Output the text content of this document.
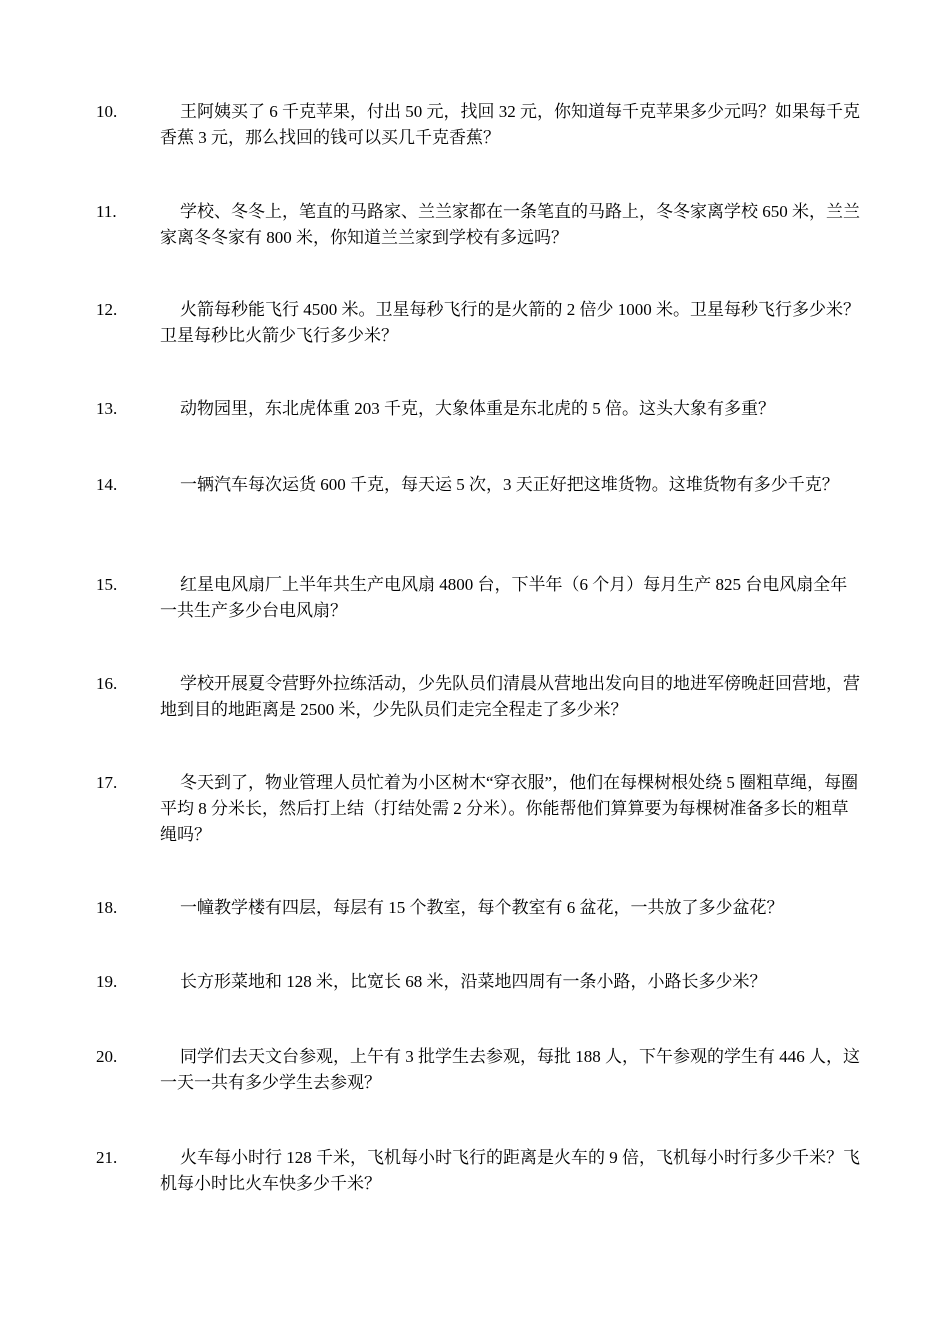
10.	王阿姨买了 6 千克苹果，付出 50 元，找回 32 元，你知道每千克苹果多少元吗？如果每千克香蕉 3 元，那么找回的钱可以买几千克香蕉？
11.	学校、冬冬上，笔直的马路家、兰兰家都在一条笔直的马路上，冬冬家离学校 650 米，兰兰家离冬冬家有 800 米，你知道兰兰家到学校有多远吗？
12.	火箭每秒能飞行 4500 米。卫星每秒飞行的是火箭的 2 倍少 1000 米。卫星每秒飞行多少米？卫星每秒比火箭少飞行多少米？
13.	动物园里，东北虎体重 203 千克，大象体重是东北虎的 5 倍。这头大象有多重？
14.	一辆汽车每次运货 600 千克，每天运 5 次，3 天正好把这堆货物。这堆货物有多少千克？
15.	红星电风扇厂上半年共生产电风扇 4800 台，下半年（6 个月）每月生产 825 台电风扇全年一共生产多少台电风扇？
16.	学校开展夏令营野外拉练活动，少先队员们清晨从营地出发向目的地进军傍晚赶回营地，营地到目的地距离是 2500 米，少先队员们走完全程走了多少米？
17.	冬天到了，物业管理人员忙着为小区树木“穿衣服”，他们在每棵树根处绕 5 圈粗草绳，每圈平均 8 分米长，然后打上结（打结处需 2 分米）。你能帮他们算算要为每棵树准备多长的粗草绳吗？
18.	一幢教学楼有四层，每层有 15 个教室，每个教室有 6 盆花，一共放了多少盆花？
19.	长方形菜地和 128 米，比宽长 68 米，沿菜地四周有一条小路，小路长多少米？
20.	同学们去天文台参观，上午有 3 批学生去参观，每批 188 人，下午参观的学生有 446 人，这一天一共有多少学生去参观？
21.	火车每小时行 128 千米，飞机每小时飞行的距离是火车的 9 倍，飞机每小时行多少千米？飞机每小时比火车快多少千米？
